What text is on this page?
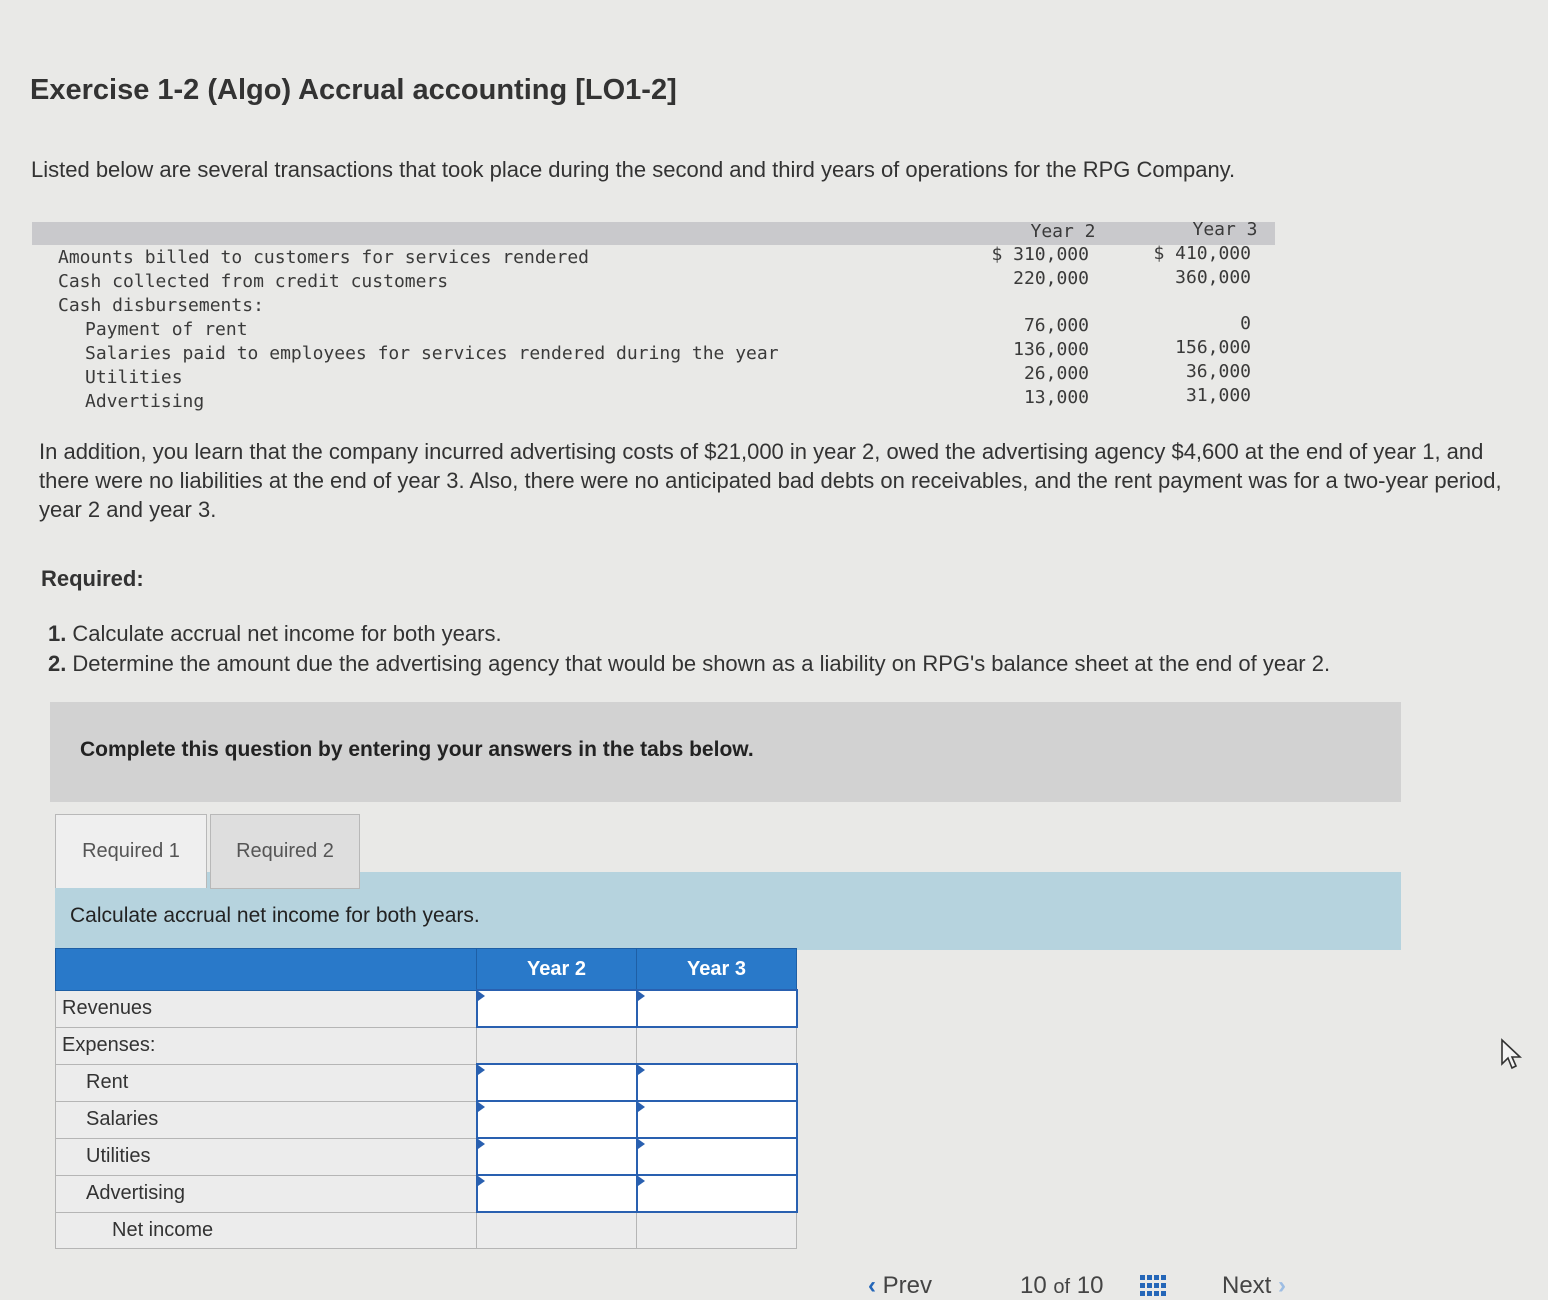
Exercise 1-2 (Algo) Accrual accounting [LO1-2]
Listed below are several transactions that took place during the second and third years of operations for the RPG Company.
Year 2	Year 3
Amounts billed to customers for services rendered	$ 310,000	$ 410,000
Cash collected from credit customers	220,000	360,000
Cash disbursements:
Payment of rent	76,000	0
Salaries paid to employees for services rendered during the year	136,000	156,000
Utilities	26,000	36,000
Advertising	13,000	31,000
In addition, you learn that the company incurred advertising costs of $21,000 in year 2, owed the advertising agency $4,600 at the end of year 1, and there were no liabilities at the end of year 3. Also, there were no anticipated bad debts on receivables, and the rent payment was for a two-year period, year 2 and year 3.
Required:
1. Calculate accrual net income for both years.
2. Determine the amount due the advertising agency that would be shown as a liability on RPG's balance sheet at the end of year 2.
Complete this question by entering your answers in the tabs below.
Calculate accrual net income for both years.
Required 1	Required 2
	Year 2	Year 3
Revenues		
Expenses:		
Rent		
Salaries		
Utilities		
Advertising		
Net income		
‹ Prev	10 of 10	Next ›
